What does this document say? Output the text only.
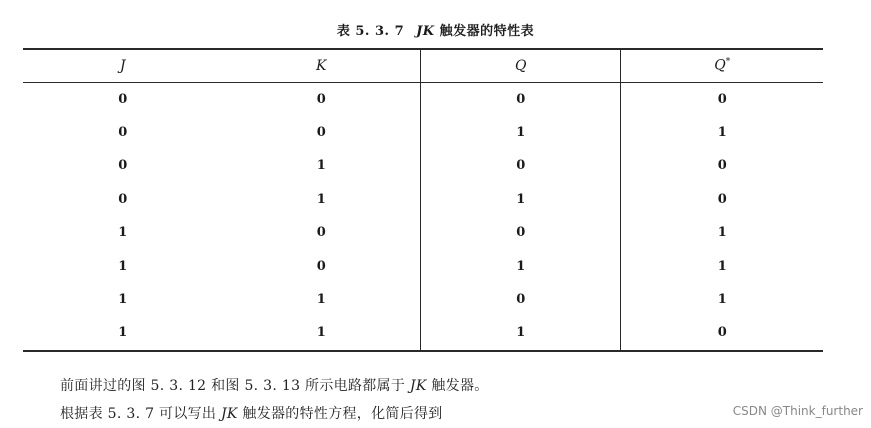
表 5. 3. 7 JK 触发器的特性表
J	K	Q	Q*
0	0	0	0
0	0	1	1
0	1	0	0
0	1	1	0
1	0	0	1
1	0	1	1
1	1	0	1
1	1	1	0
前面讲过的图 5. 3. 12 和图 5. 3. 13 所示电路都属于 JK 触发器。
根据表 5. 3. 7 可以写出 JK 触发器的特性方程，化简后得到	CSDN @Think_further
